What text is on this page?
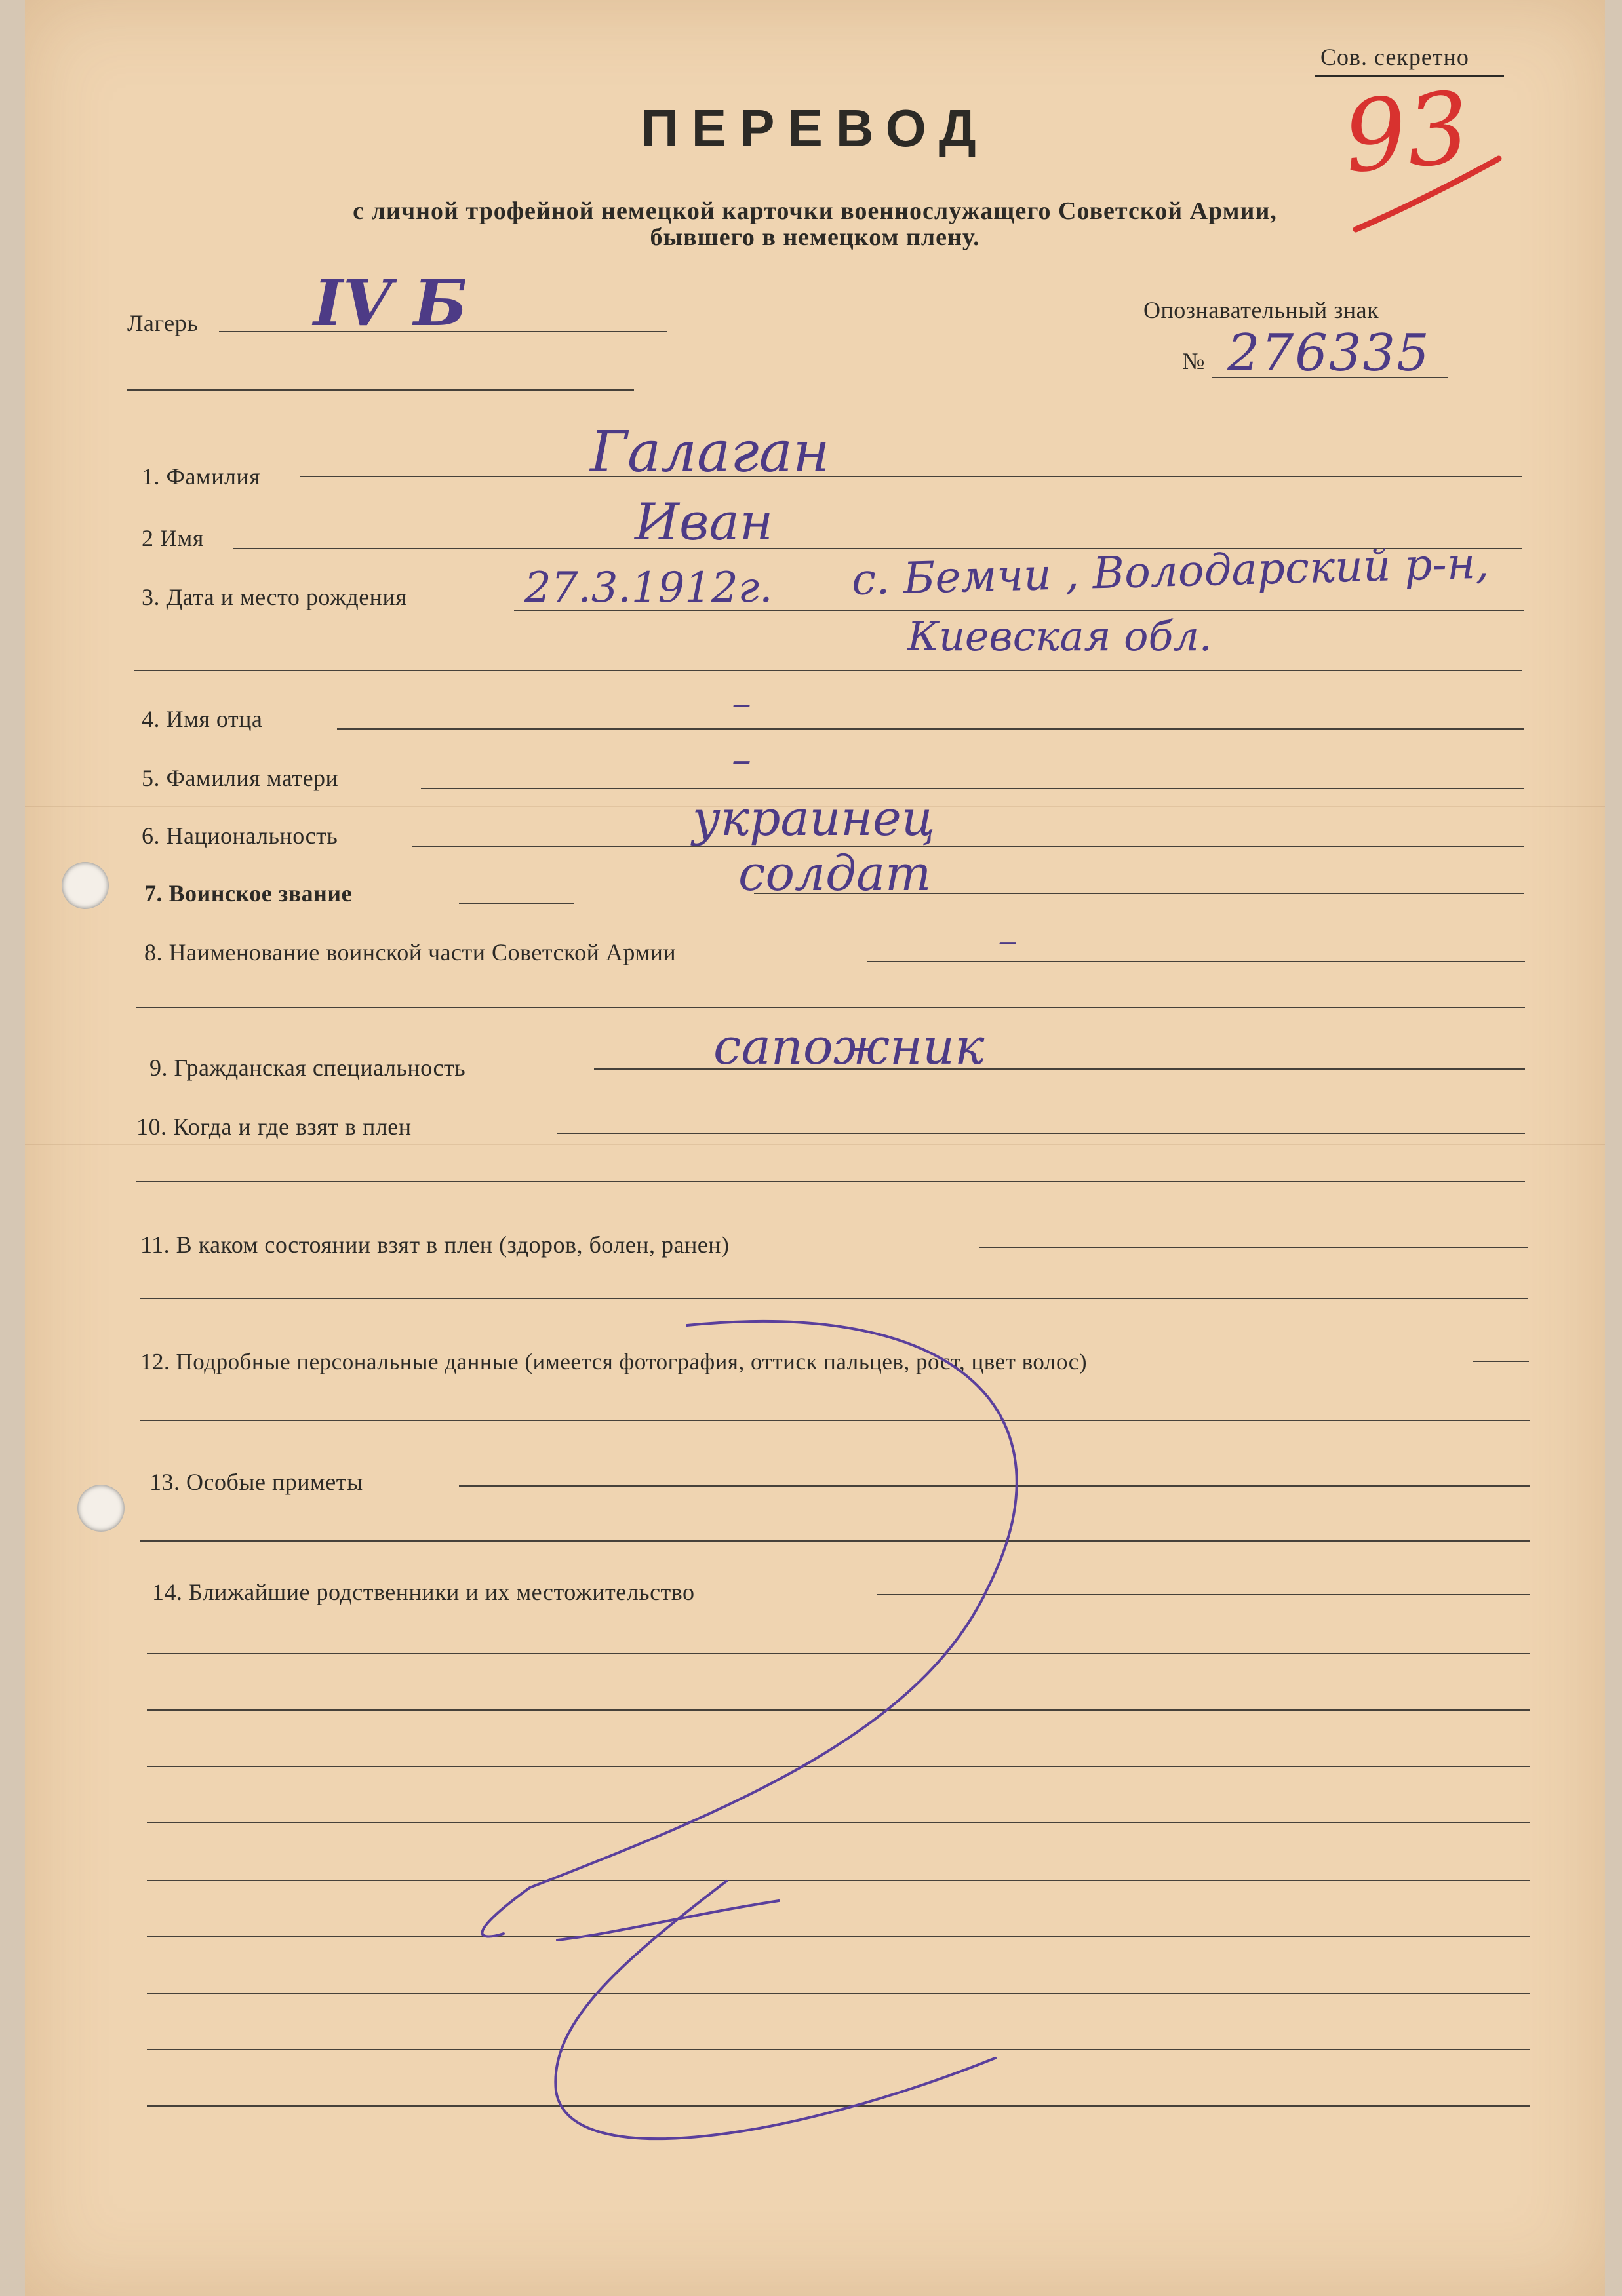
Сов. секретно
93
ПЕРЕВОД
с личной трофейной немецкой карточки военнослужащего Советской Армии,
бывшего в немецком плену.
Лагерь IV Б	Опознавательный знак
№ 276335
1. Фамилия	Галаган
2 Имя	Иван
3. Дата и место рождения	27.3.1912г. с. Бемчи , Володарский р-н,
Киевская обл.
4. Имя отца	–
5. Фамилия матери	–
6. Национальность	украинец
7. Воинское звание	солдат
8. Наименование воинской части Советской Армии	–
9. Гражданская специальность	сапожник
10. Когда и где взят в плен
11. В каком состоянии взят в плен (здоров, болен, ранен)
12. Подробные персональные данные (имеется фотография, оттиск пальцев, рост, цвет волос)
13. Особые приметы
14. Ближайшие родственники и их местожительство
